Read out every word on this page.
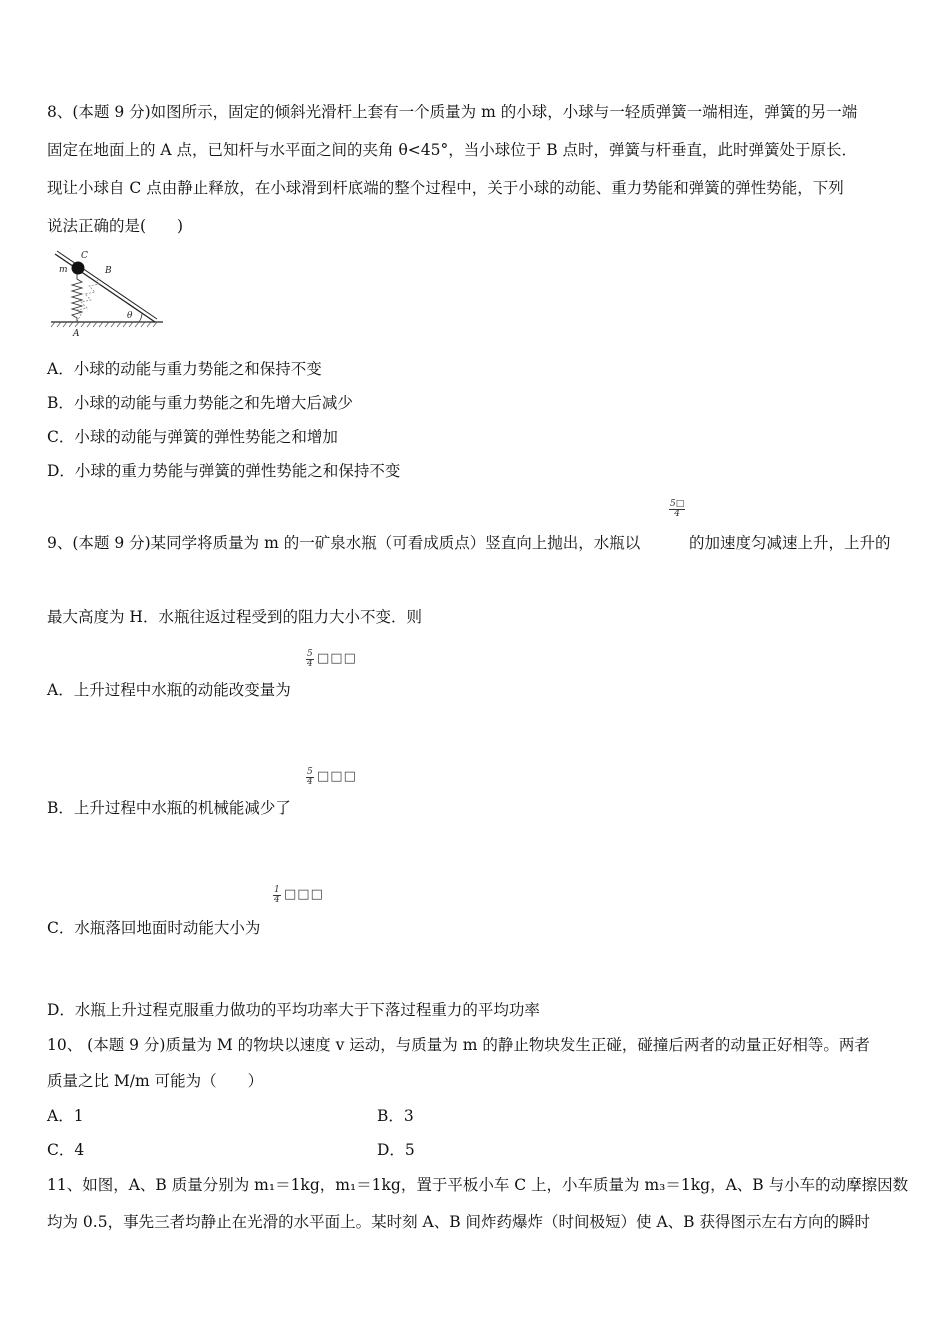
8、(本题 9 分)如图所示，固定的倾斜光滑杆上套有一个质量为 m 的小球，小球与一轻质弹簧一端相连，弹簧的另一端
固定在地面上的 A 点，已知杆与水平面之间的夹角 θ<45°，当小球位于 B 点时，弹簧与杆垂直，此时弹簧处于原长．
现让小球自 C 点由静止释放，在小球滑到杆底端的整个过程中，关于小球的动能、重力势能和弹簧的弹性势能，下列
说法正确的是(　　)
m
C
B
A
θ
A．小球的动能与重力势能之和保持不变
B．小球的动能与重力势能之和先增大后减少
C．小球的动能与弹簧的弹性势能之和增加
D．小球的重力势能与弹簧的弹性势能之和保持不变
$\frac{5□}{4}$
9、(本题 9 分)某同学将质量为 m 的一矿泉水瓶（可看成质点）竖直向上抛出，水瓶以	的加速度匀减速上升，上升的
最大高度为 H．水瓶往返过程受到的阻力大小不变．则
$\frac{5}{4}$ □□□
A．上升过程中水瓶的动能改变量为
$\frac{5}{4}$ □□□
B．上升过程中水瓶的机械能减少了
$\frac{1}{4}$ □□□
C．水瓶落回地面时动能大小为
D．水瓶上升过程克服重力做功的平均功率大于下落过程重力的平均功率
10、 (本题 9 分)质量为 M 的物块以速度 v 运动，与质量为 m 的静止物块发生正碰，碰撞后两者的动量正好相等。两者
质量之比 M/m 可能为（　　）
A．1	B．3
C．4	D．5
11、如图，A、B 质量分别为 m₁＝1kg，m₁＝1kg，置于平板小车 C 上，小车质量为 m₃＝1kg，A、B 与小车的动摩擦因数
均为 0.5，事先三者均静止在光滑的水平面上。某时刻 A、B 间炸药爆炸（时间极短）使 A、B 获得图示左右方向的瞬时
